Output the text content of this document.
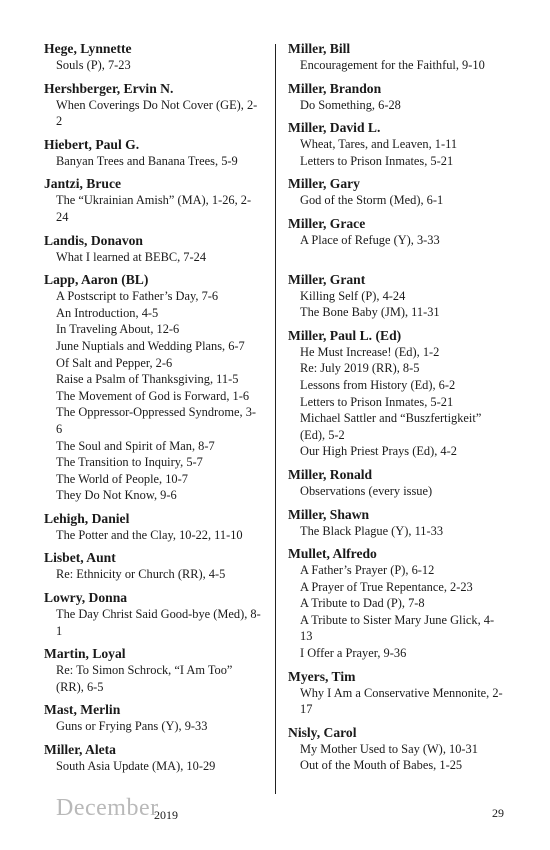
Hege, Lynnette
Souls (P), 7-23
Hershberger, Ervin N.
When Coverings Do Not Cover (GE), 2-2
Hiebert, Paul G.
Banyan Trees and Banana Trees, 5-9
Jantzi, Bruce
The “Ukrainian Amish” (MA), 1-26, 2-24
Landis, Donavon
What I learned at BEBC, 7-24
Lapp, Aaron (BL)
A Postscript to Father’s Day, 7-6
An Introduction, 4-5
In Traveling About, 12-6
June Nuptials and Wedding Plans, 6-7
Of Salt and Pepper, 2-6
Raise a Psalm of Thanksgiving, 11-5
The Movement of God is Forward, 1-6
The Oppressor-Oppressed Syndrome, 3-6
The Soul and Spirit of Man, 8-7
The Transition to Inquiry, 5-7
The World of People, 10-7
They Do Not Know, 9-6
Lehigh, Daniel
The Potter and the Clay, 10-22, 11-10
Lisbet, Aunt
Re: Ethnicity or Church (RR), 4-5
Lowry, Donna
The Day Christ Said Good-bye (Med), 8-1
Martin, Loyal
Re: To Simon Schrock, “I Am Too” (RR), 6-5
Mast, Merlin
Guns or Frying Pans (Y), 9-33
Miller, Aleta
South Asia Update (MA), 10-29
Miller, Bill
Encouragement for the Faithful, 9-10
Miller, Brandon
Do Something, 6-28
Miller, David L.
Wheat, Tares, and Leaven, 1-11
Letters to Prison Inmates, 5-21
Miller, Gary
God of the Storm (Med), 6-1
Miller, Grace
A Place of Refuge (Y), 3-33
Miller, Grant
Killing Self (P), 4-24
The Bone Baby (JM), 11-31
Miller, Paul L. (Ed)
He Must Increase! (Ed), 1-2
Re: July 2019 (RR), 8-5
Lessons from History (Ed), 6-2
Letters to Prison Inmates, 5-21
Michael Sattler and “Buszfertigkeit” (Ed), 5-2
Our High Priest Prays (Ed), 4-2
Miller, Ronald
Observations (every issue)
Miller, Shawn
The Black Plague (Y), 11-33
Mullet, Alfredo
A Father’s Prayer (P), 6-12
A Prayer of True Repentance, 2-23
A Tribute to Dad (P), 7-8
A Tribute to Sister Mary June Glick, 4-13
I Offer a Prayer, 9-36
Myers, Tim
Why I Am a Conservative Mennonite, 2-17
Nisly, Carol
My Mother Used to Say (W), 10-31
Out of the Mouth of Babes, 1-25
December
2019	29
